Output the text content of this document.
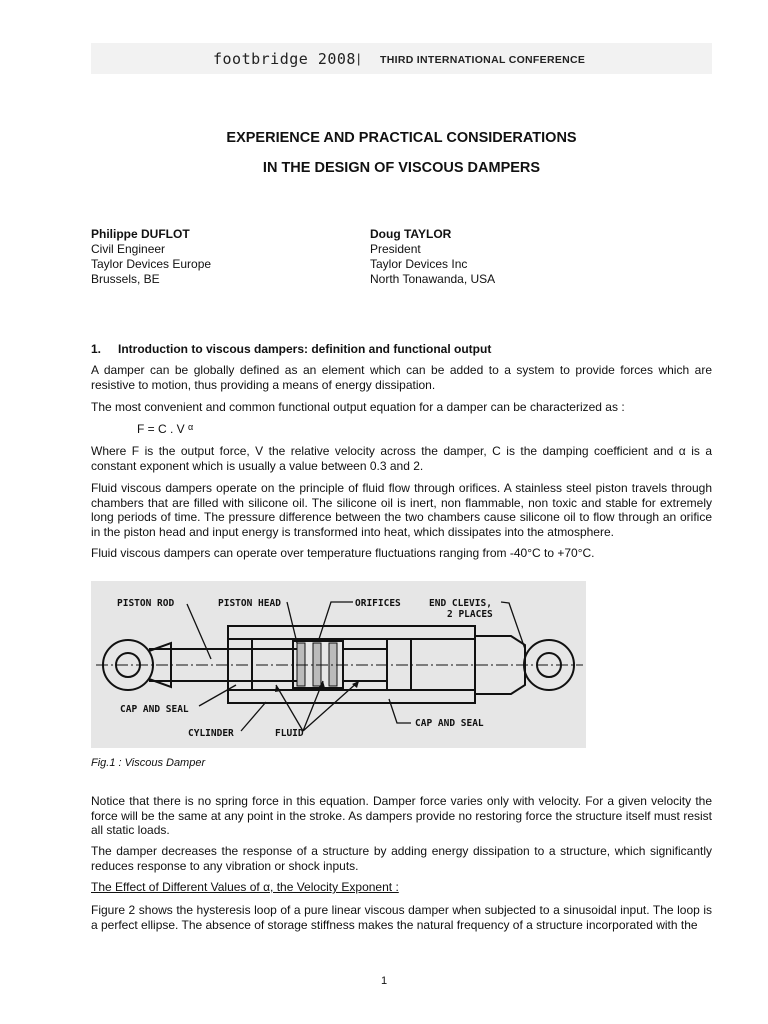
footbridge 2008 | THIRD INTERNATIONAL CONFERENCE
EXPERIENCE AND PRACTICAL CONSIDERATIONS
IN THE DESIGN OF VISCOUS DAMPERS
Philippe DUFLOT
Civil Engineer
Taylor Devices Europe
Brussels, BE
Doug TAYLOR
President
Taylor Devices Inc
North Tonawanda, USA
1. Introduction to viscous dampers: definition and functional output
A damper can be globally defined as an element which can be added to a system to provide forces which are resistive to motion, thus providing a means of energy dissipation.
The most convenient and common functional output equation for a damper can be characterized as :
F = C . V $^\alpha$
Where F is the output force, V the relative velocity across the damper, C is the damping coefficient and α is a constant exponent which is usually a value between 0.3 and 2.
Fluid viscous dampers operate on the principle of fluid flow through orifices. A stainless steel piston travels through chambers that are filled with silicone oil. The silicone oil is inert, non flammable, non toxic and stable for extremely long periods of time. The pressure difference between the two chambers cause silicone oil to flow through an orifice in the piston head and input energy is transformed into heat, which dissipates into the atmosphere.
Fluid viscous dampers can operate over temperature fluctuations ranging from -40°C to +70°C.
PISTON ROD	PISTON HEAD	ORIFICES	END CLEVIS,
2 PLACES
CAP AND SEAL
CYLINDER	FLUID
CAP AND SEAL
Fig.1 : Viscous Damper
Notice that there is no spring force in this equation. Damper force varies only with velocity. For a given velocity the force will be the same at any point in the stroke. As dampers provide no restoring force the structure itself must resist all static loads.
The damper decreases the response of a structure by adding energy dissipation to a structure, which significantly reduces response to any vibration or shock inputs.
The Effect of Different Values of α, the Velocity Exponent :
Figure 2 shows the hysteresis loop of a pure linear viscous damper when subjected to a sinusoidal input. The loop is a perfect ellipse. The absence of storage stiffness makes the natural frequency of a structure incorporated with the
1
